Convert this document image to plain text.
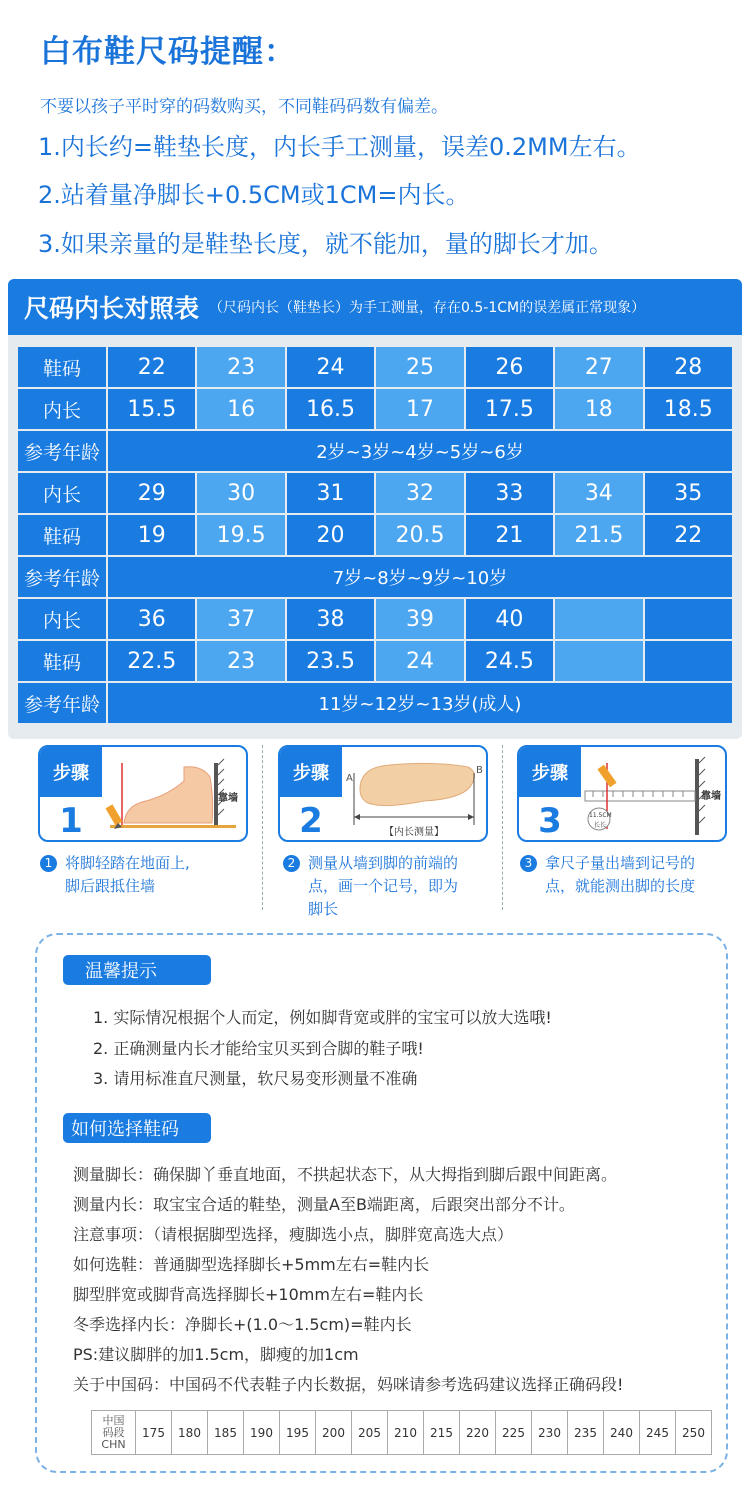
白布鞋尺码提醒：
不要以孩子平时穿的码数购买，不同鞋码码数有偏差。
1.内长约=鞋垫长度，内长手工测量，误差0.2MM左右。
2.站着量净脚长+0.5CM或1CM=内长。
3.如果亲量的是鞋垫长度，就不能加，量的脚长才加。
尺码内长对照表 （尺码内长（鞋垫长）为手工测量，存在0.5-1CM的误差属正常现象）
鞋码	22	23	24	25	26	27	28
内长	15.5	16	16.5	17	17.5	18	18.5
参考年龄	2岁~3岁~4岁~5岁~6岁						
内长	29	30	31	32	33	34	35
鞋码	19	19.5	20	20.5	21	21.5	22
参考年龄	7岁~8岁~9岁~10岁						
内长	36	37	38	39	40		
鞋码	22.5	23	23.5	24	24.5		
参考年龄	11岁~12岁~13岁(成人)						
步骤
1
靠墙
步骤
2
A
B
【内长测量】
步骤
3	11.5CM
长长
靠墙
1 将脚轻踏在地面上,
脚后跟抵住墙
2 测量从墙到脚的前端的
点，画一个记号，即为
脚长
3 拿尺子量出墙到记号的
点，就能测出脚的长度
温馨提示
1. 实际情况根据个人而定，例如脚背宽或胖的宝宝可以放大选哦!
2. 正确测量内长才能给宝贝买到合脚的鞋子哦!
3. 请用标准直尺测量，软尺易变形测量不准确
如何选择鞋码
测量脚长：确保脚丫垂直地面，不拱起状态下，从大拇指到脚后跟中间距离。
测量内长：取宝宝合适的鞋垫，测量A至B端距离，后跟突出部分不计。
注意事项：（请根据脚型选择，瘦脚选小点，脚胖宽高选大点）
如何选鞋：普通脚型选择脚长+5mm左右=鞋内长
脚型胖宽或脚背高选择脚长+10mm左右=鞋内长
冬季选择内长：净脚长+(1.0～1.5cm)=鞋内长
PS:建议脚胖的加1.5cm，脚瘦的加1cm
关于中国码：中国码不代表鞋子内长数据，妈咪请参考选码建议选择正确码段!
中国
码段
CHN
	175	180	185	190	195	200	205	210	215	220	225	230	235	240	245	250
